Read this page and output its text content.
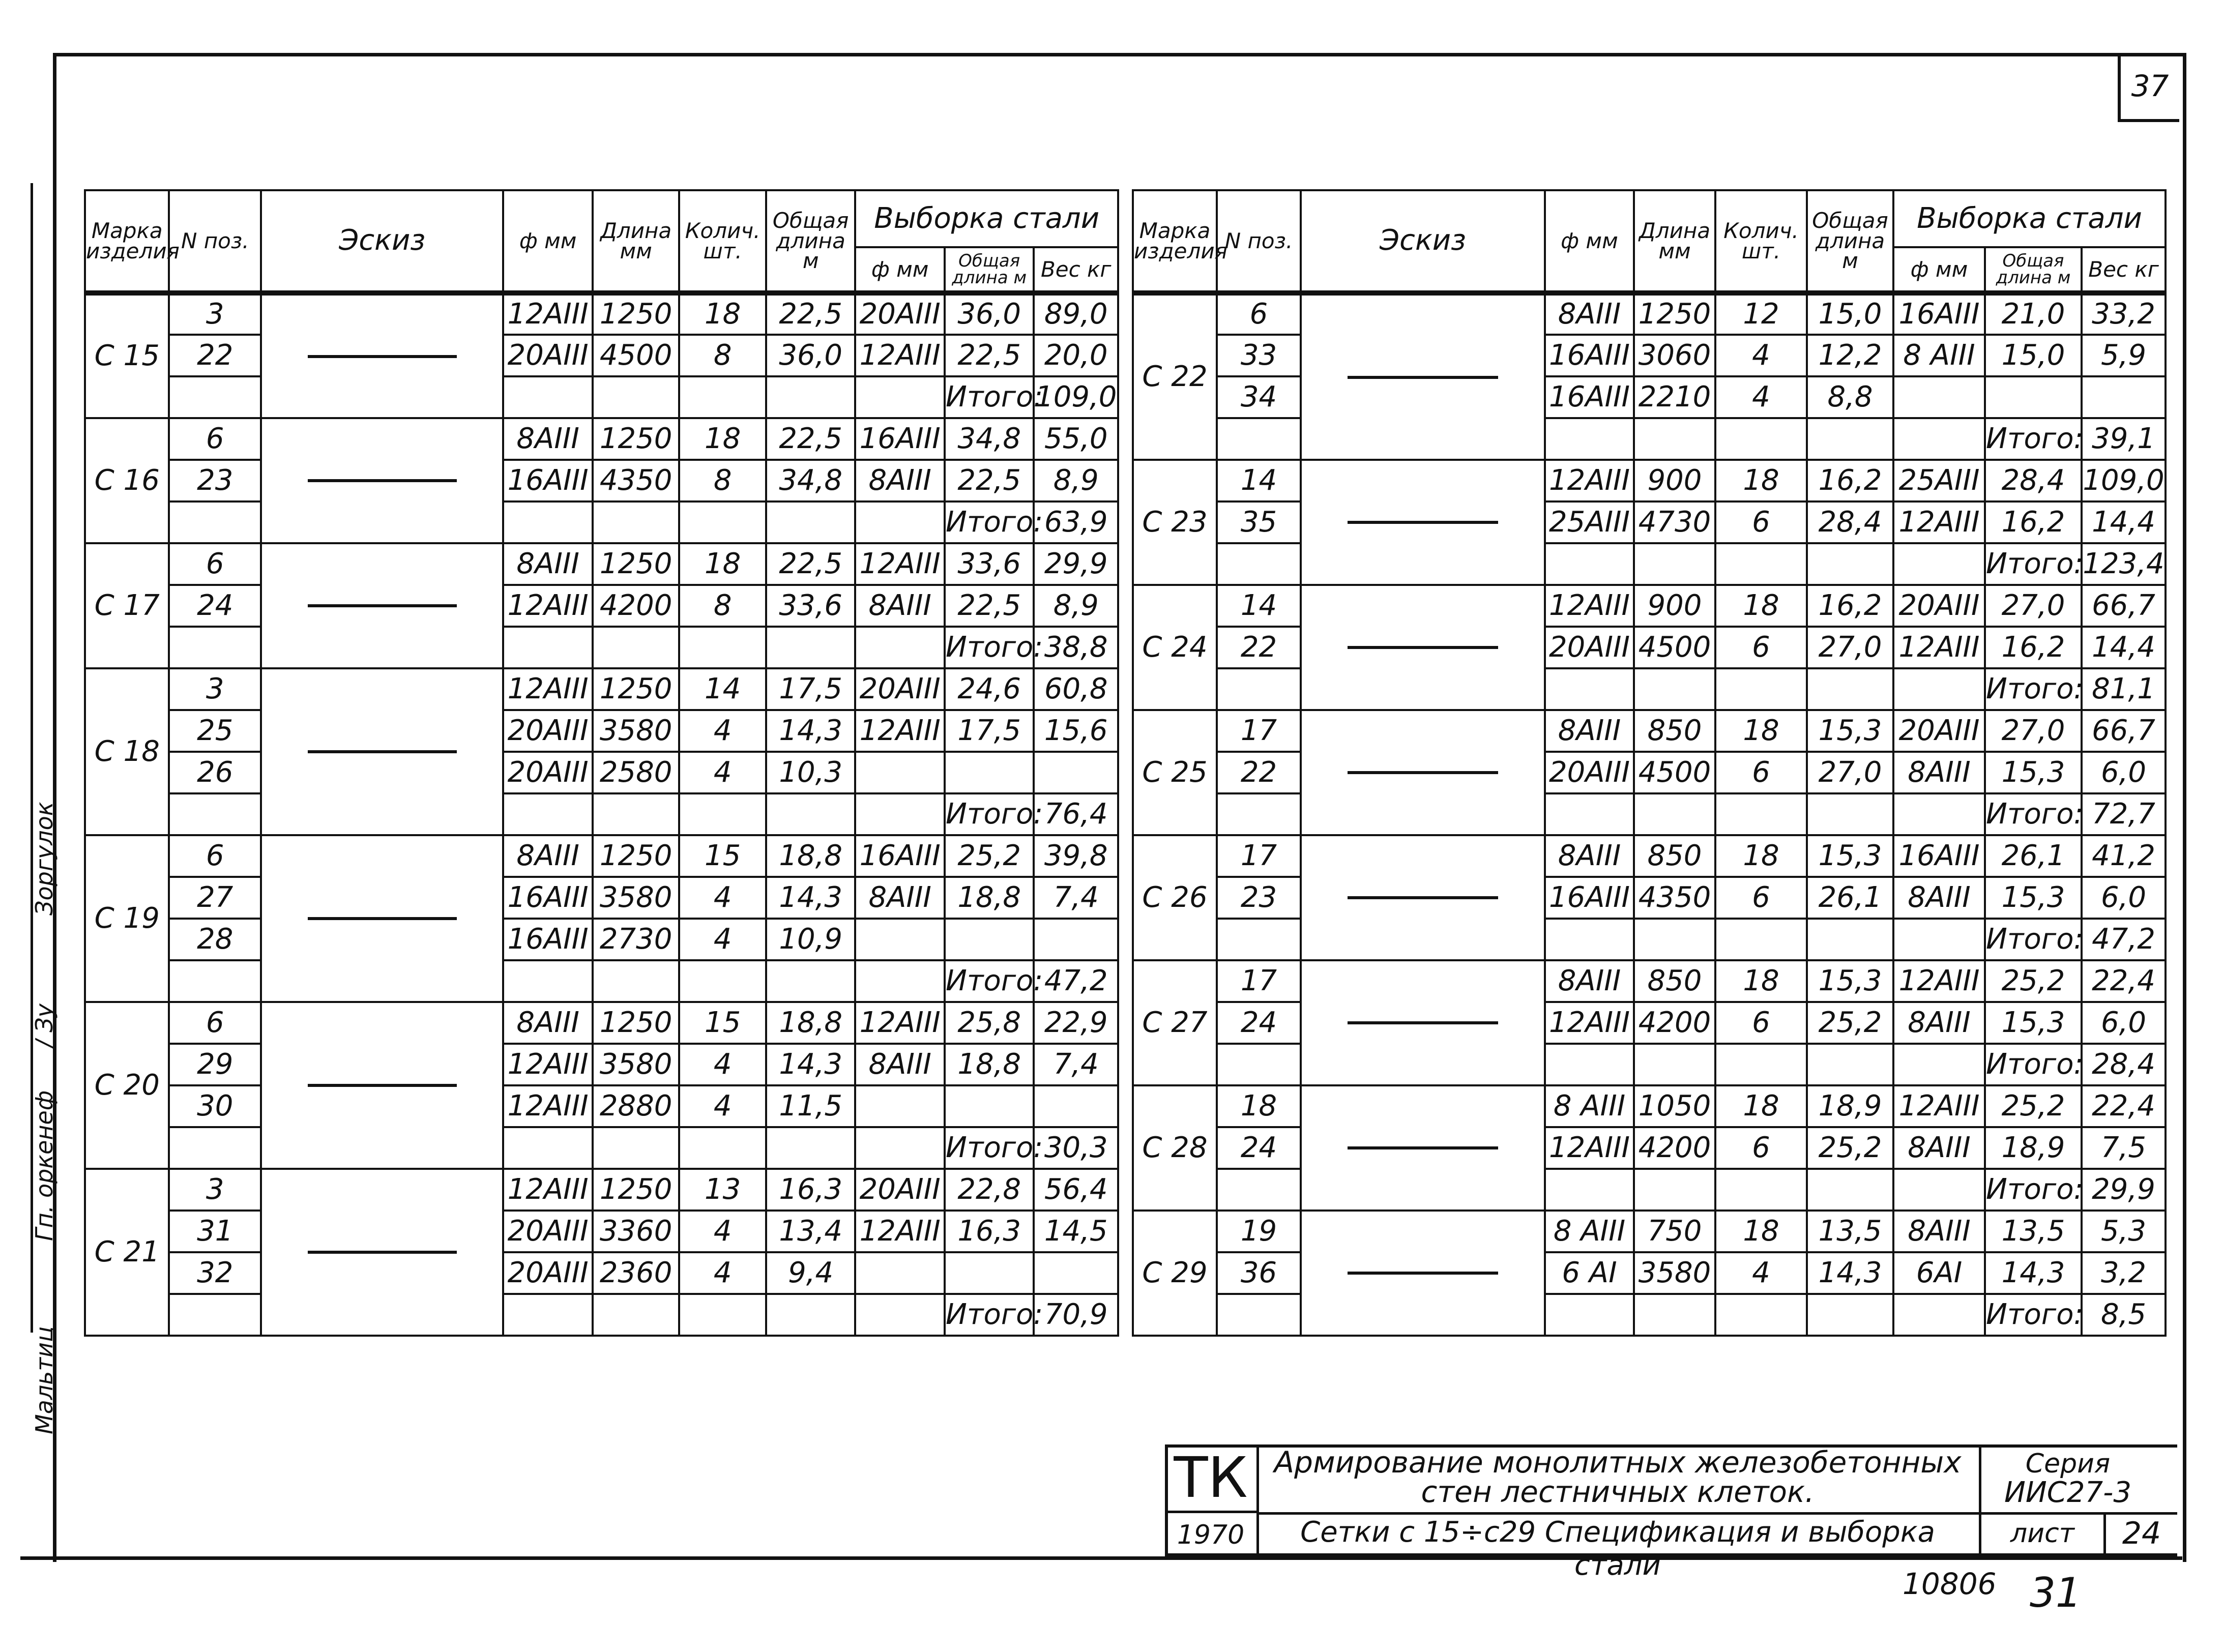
37
Зоргулок
Гп. оркенеф
/ Зу
Мальтиц
Марка изделия	N поз.	Эскиз	ф мм	Длина мм	Колич. шт.	Общая длина м	Выборка стали		
							ф мм	Общая длина м	Вес кг
С 15	3		12АIII	1250	18	22,5	20АIII	36,0	89,0
	22		20АIII	4500	8	36,0	12АIII	22,5	20,0
								Итого:	109,0
С 16	6		8АIII	1250	18	22,5	16АIII	34,8	55,0
	23		16АIII	4350	8	34,8	8АIII	22,5	8,9
								Итого:	63,9
С 17	6		8АIII	1250	18	22,5	12АIII	33,6	29,9
	24		12АIII	4200	8	33,6	8АIII	22,5	8,9
								Итого:	38,8
С 18	3		12АIII	1250	14	17,5	20АIII	24,6	60,8
	25		20АIII	3580	4	14,3	12АIII	17,5	15,6
	26		20АIII	2580	4	10,3			
								Итого:	76,4
С 19	6		8АIII	1250	15	18,8	16АIII	25,2	39,8
	27		16АIII	3580	4	14,3	8АIII	18,8	7,4
	28		16АIII	2730	4	10,9			
								Итого:	47,2
С 20	6		8АIII	1250	15	18,8	12АIII	25,8	22,9
	29		12АIII	3580	4	14,3	8АIII	18,8	7,4
	30		12АIII	2880	4	11,5			
								Итого:	30,3
С 21	3		12АIII	1250	13	16,3	20АIII	22,8	56,4
	31		20АIII	3360	4	13,4	12АIII	16,3	14,5
	32		20АIII	2360	4	9,4			
								Итого:	70,9
Марка изделия	N поз.	Эскиз	ф мм	Длина мм	Колич. шт.	Общая длина м	Выборка стали		
							ф мм	Общая длина м	Вес кг
С 22	6		8АIII	1250	12	15,0	16АIII	21,0	33,2
	33		16АIII	3060	4	12,2	8 АIII	15,0	5,9
	34		16АIII	2210	4	8,8			
								Итого:	39,1
С 23	14		12АIII	900	18	16,2	25АIII	28,4	109,0
	35		25АIII	4730	6	28,4	12АIII	16,2	14,4
								Итого:	123,4
С 24	14		12АIII	900	18	16,2	20АIII	27,0	66,7
	22		20АIII	4500	6	27,0	12АIII	16,2	14,4
								Итого:	81,1
С 25	17		8АIII	850	18	15,3	20АIII	27,0	66,7
	22		20АIII	4500	6	27,0	8АIII	15,3	6,0
								Итого:	72,7
С 26	17		8АIII	850	18	15,3	16АIII	26,1	41,2
	23		16АIII	4350	6	26,1	8АIII	15,3	6,0
								Итого:	47,2
С 27	17		8АIII	850	18	15,3	12АIII	25,2	22,4
	24		12АIII	4200	6	25,2	8АIII	15,3	6,0
								Итого:	28,4
С 28	18		8 АIII	1050	18	18,9	12АIII	25,2	22,4
	24		12АIII	4200	6	25,2	8АIII	18,9	7,5
								Итого:	29,9
С 29	19		8 АIII	750	18	13,5	8АIII	13,5	5,3
	36		6 АI	3580	4	14,3	6АI	14,3	3,2
								Итого:	8,5
ТК
1970
Армирование монолитных железобетонных
стен лестничных клеток.
Сетки с 15÷с29 Спецификация и выборка стали
Серия
ИИС27-3
лист	24
10806 31
